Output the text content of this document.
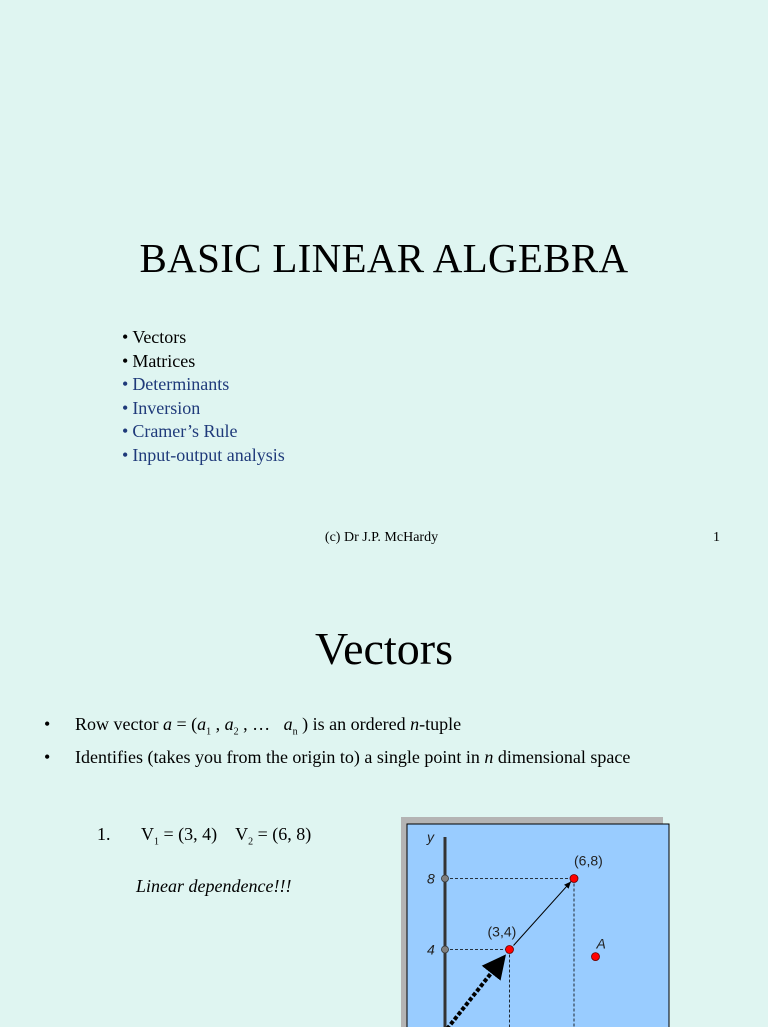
BASIC LINEAR ALGEBRA
• Vectors
• Matrices
• Determinants
• Inversion
• Cramer’s Rule
• Input-output analysis
(c) Dr J.P. McHardy	1
Vectors
• Row vector $a = (a_1$ , $a_2$ , …   $a_n$ ) is an ordered n-tuple
• Identifies (takes you from the origin to) a single point in n dimensional space
1. $V_1 = (3$, 4) $V_2 = (6$, 8)
Linear dependence!!!
y
8
4
(3,4)
(6,8)
A
